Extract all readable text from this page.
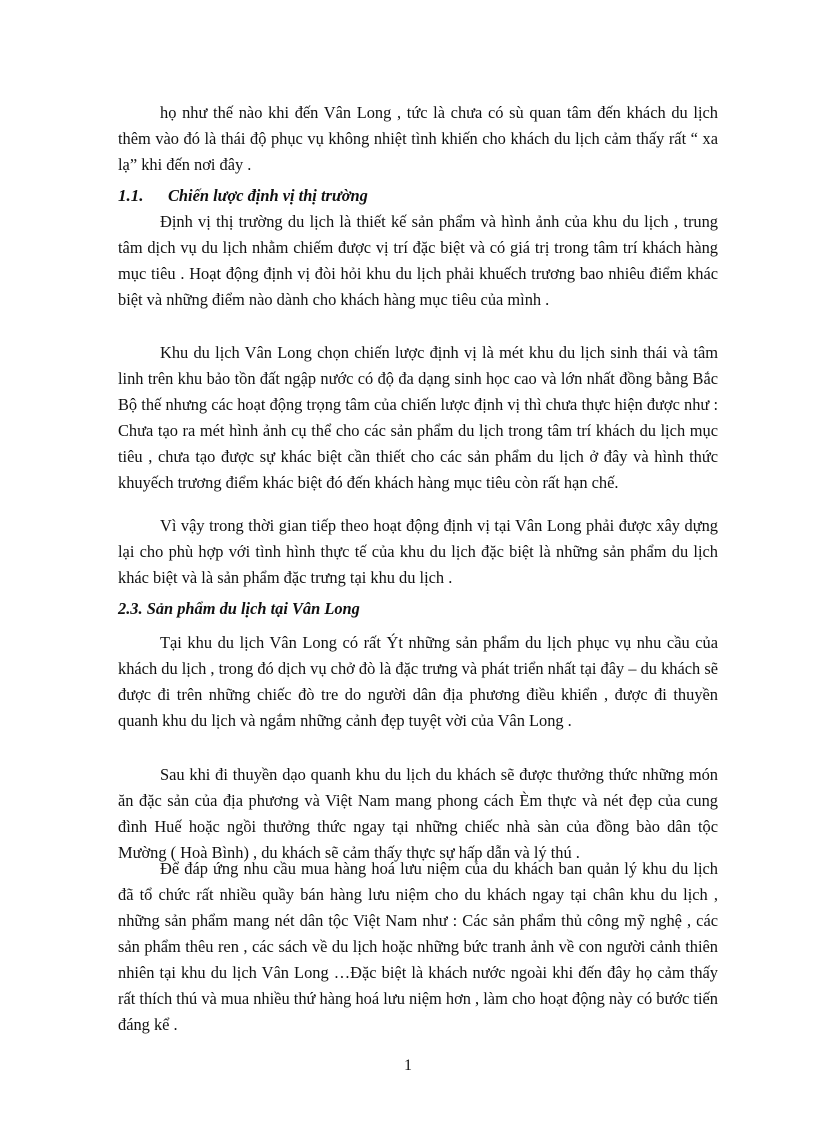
họ như thế nào khi đến Vân Long , tức là chưa có sù quan tâm đến khách du lịch thêm vào đó là thái độ phục vụ không nhiệt tình khiến cho khách du lịch cảm thấy rất “ xa lạ” khi đến nơi đây .

1.1. Chiến lược định vị thị trường

Định vị thị trường du lịch là thiết kế sản phẩm và hình ảnh của khu du lịch , trung tâm dịch vụ du lịch nhằm chiếm được vị trí đặc biệt và có giá trị trong tâm trí khách hàng mục tiêu . Hoạt động định vị đòi hỏi khu du lịch phải khuếch trương bao nhiêu điểm khác biệt và những điểm nào dành cho khách hàng mục tiêu của mình .

Khu du lịch Vân Long chọn chiến lược định vị là mét khu du lịch sinh thái và tâm linh trên khu bảo tồn đất ngập nước có độ đa dạng sinh học cao và lớn nhất đồng bằng Bắc Bộ thế nhưng các hoạt động trọng tâm của chiến lược định vị thì chưa thực hiện được như : Chưa tạo ra mét hình ảnh cụ thể cho các sản phẩm du lịch trong tâm trí khách du lịch mục tiêu , chưa tạo được sự khác biệt cần thiết cho các sản phẩm du lịch ở đây và hình thức khuyếch trương điểm khác biệt đó đến khách hàng mục tiêu còn rất hạn chế.

Vì vậy trong thời gian tiếp theo hoạt động định vị tại Vân Long phải được xây dựng lại cho phù hợp với tình hình thực tế của khu du lịch đặc biệt là những sản phẩm du lịch khác biệt và là sản phẩm đặc trưng tại khu du lịch .

2.3. Sản phẩm du lịch tại Vân Long

Tại khu du lịch Vân Long có rất Ýt những sản phẩm du lịch phục vụ nhu cầu của khách du lịch , trong đó dịch vụ chở đò là đặc trưng và phát triển nhất tại đây – du khách sẽ được đi trên những chiếc đò tre do người dân địa phương điều khiển , được đi thuyền quanh khu du lịch và ngắm những cảnh đẹp tuyệt vời của Vân Long .

Sau khi đi thuyền dạo quanh khu du lịch du khách sẽ được thưởng thức những món ăn đặc sản của địa phương và Việt Nam mang phong cách Èm thực và nét đẹp của cung đình Huế hoặc ngồi thưởng thức ngay tại những chiếc nhà sàn của đồng bào dân tộc Mường ( Hoà Bình) , du khách sẽ cảm thấy thực sự hấp dẫn và lý thú .

Để đáp ứng nhu cầu mua hàng hoá lưu niệm của du khách ban quản lý khu du lịch đã tổ chức rất nhiều quầy bán hàng lưu niệm cho du khách ngay tại chân khu du lịch , những sản phẩm mang nét dân tộc Việt Nam như : Các sản phẩm thủ công mỹ nghệ , các sản phẩm thêu ren , các sách về du lịch hoặc những bức tranh ảnh về con người cảnh thiên nhiên tại khu du lịch Vân Long …Đặc biệt là khách nước ngoài khi đến đây họ cảm thấy rất thích thú và mua nhiều thứ hàng hoá lưu niệm hơn , làm cho hoạt động này có bước tiến đáng kể .

1
